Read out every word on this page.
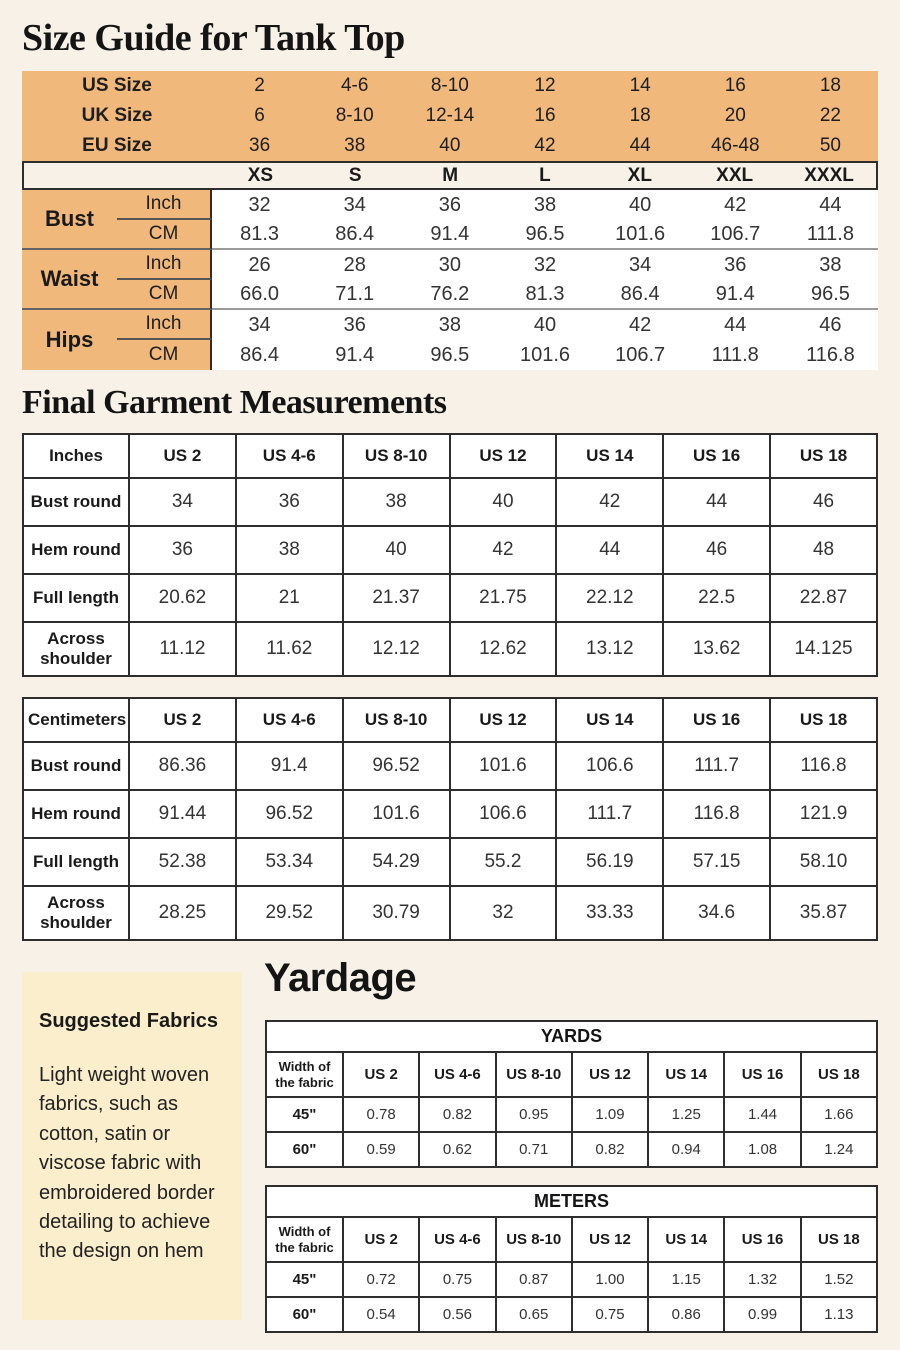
Size Guide for Tank Top
US Size	2	4-6	8-10	12	14	16	18
UK Size	6	8-10	12-14	16	18	20	22
EU Size	36	38	40	42	44	46-48	50
	XS	S	M	L	XL	XXL	XXXL
Bust
Inch	32	34	36	38	40	42	44
CM	81.3	86.4	91.4	96.5	101.6	106.7	111.8
Waist
Inch	26	28	30	32	34	36	38
CM	66.0	71.1	76.2	81.3	86.4	91.4	96.5
Hips
Inch	34	36	38	40	42	44	46
CM	86.4	91.4	96.5	101.6	106.7	111.8	116.8
Final Garment Measurements
Inches	US 2	US 4-6	US 8-10	US 12	US 14	US 16	US 18
Bust round	34	36	38	40	42	44	46
Hem round	36	38	40	42	44	46	48
Full length	20.62	21	21.37	21.75	22.12	22.5	22.87
Across shoulder	11.12	11.62	12.12	12.62	13.12	13.62	14.125
Centimeters	US 2	US 4-6	US 8-10	US 12	US 14	US 16	US 18
Bust round	86.36	91.4	96.52	101.6	106.6	111.7	116.8
Hem round	91.44	96.52	101.6	106.6	111.7	116.8	121.9
Full length	52.38	53.34	54.29	55.2	56.19	57.15	58.10
Across shoulder	28.25	29.52	30.79	32	33.33	34.6	35.87
Suggested Fabrics

Light weight woven fabrics, such as cotton, satin or viscose fabric with embroidered border detailing to achieve the design on hem

Yardage
YARDS							
Width of the fabric	US 2	US 4-6	US 8-10	US 12	US 14	US 16	US 18
45"	0.78	0.82	0.95	1.09	1.25	1.44	1.66
60"	0.59	0.62	0.71	0.82	0.94	1.08	1.24
METERS							
Width of the fabric	US 2	US 4-6	US 8-10	US 12	US 14	US 16	US 18
45"	0.72	0.75	0.87	1.00	1.15	1.32	1.52
60"	0.54	0.56	0.65	0.75	0.86	0.99	1.13
